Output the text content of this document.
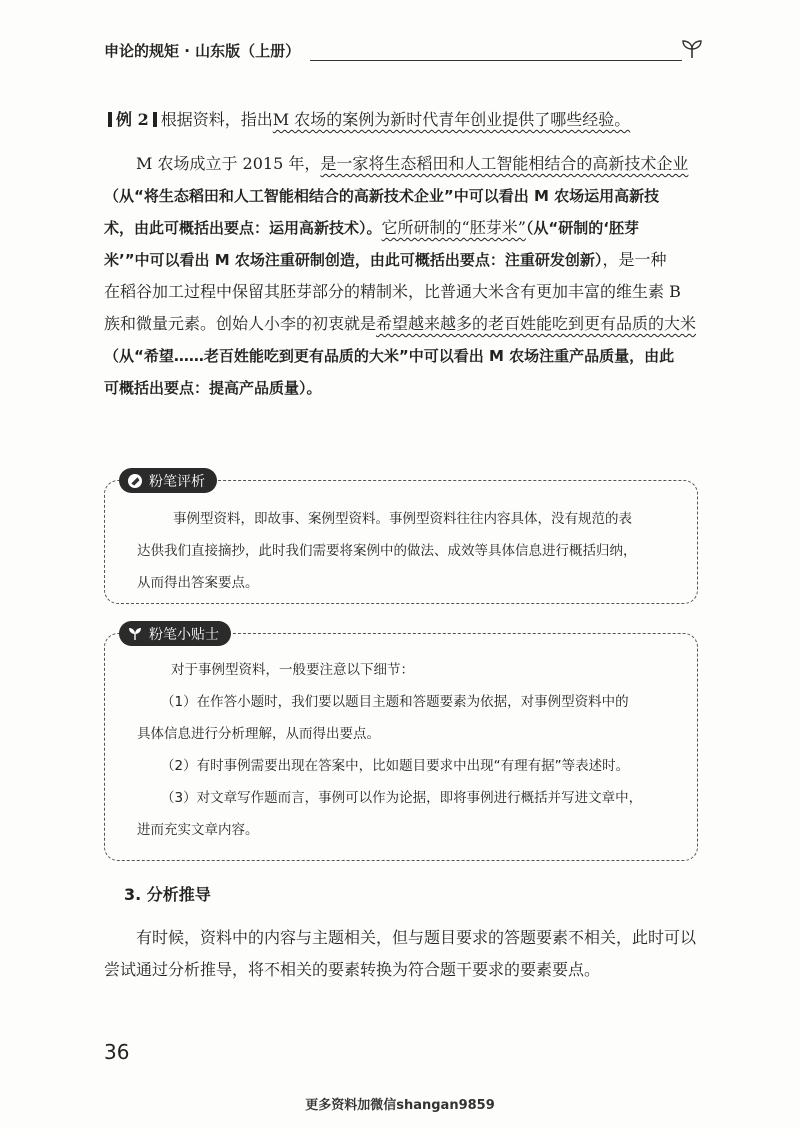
申论的规矩 · 山东版（上册）
例 2 根据资料，指出M 农场的案例为新时代青年创业提供了哪些经验。
M 农场成立于 2015 年，是一家将生态稻田和人工智能相结合的高新技术企业
（从“将生态稻田和人工智能相结合的高新技术企业”中可以看出 M 农场运用高新技
术，由此可概括出要点：运用高新技术）。它所研制的“胚芽米”（从“研制的‘胚芽
米’”中可以看出 M 农场注重研制创造，由此可概括出要点：注重研发创新），是一种
在稻谷加工过程中保留其胚芽部分的精制米，比普通大米含有更加丰富的维生素 B
族和微量元素。创始人小李的初衷就是希望越来越多的老百姓能吃到更有品质的大米
（从“希望……老百姓能吃到更有品质的大米”中可以看出 M 农场注重产品质量，由此
可概括出要点：提高产品质量）。
粉笔评析
事例型资料，即故事、案例型资料。事例型资料往往内容具体，没有规范的表
达供我们直接摘抄，此时我们需要将案例中的做法、成效等具体信息进行概括归纳，
从而得出答案要点。
粉笔小贴士
对于事例型资料，一般要注意以下细节：
（1）在作答小题时，我们要以题目主题和答题要素为依据，对事例型资料中的
具体信息进行分析理解，从而得出要点。
（2）有时事例需要出现在答案中，比如题目要求中出现“有理有据”等表述时。
（3）对文章写作题而言，事例可以作为论据，即将事例进行概括并写进文章中，
进而充实文章内容。
3. 分析推导
有时候，资料中的内容与主题相关，但与题目要求的答题要素不相关，此时可以
尝试通过分析推导，将不相关的要素转换为符合题干要求的要素要点。
36
更多资料加微信shangan9859
